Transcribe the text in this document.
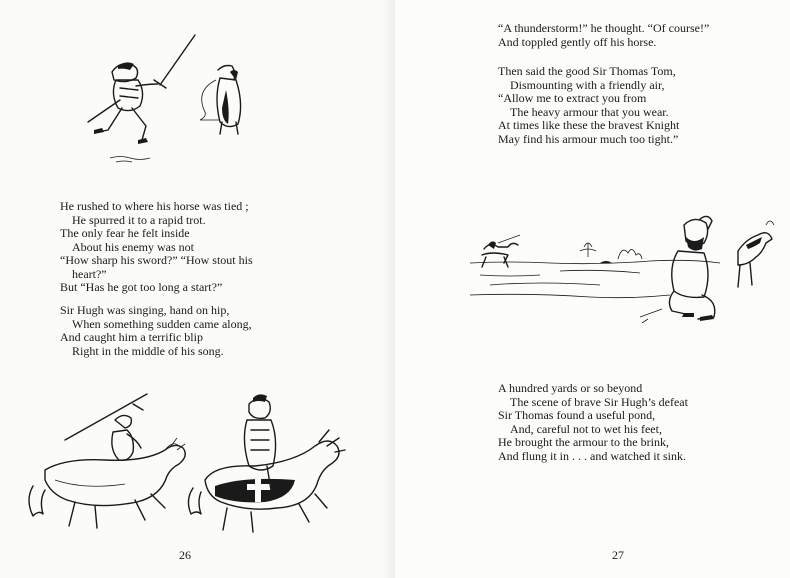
He rushed to where his horse was tied ;
He spurred it to a rapid trot.
The only fear he felt inside
About his enemy was not
“How sharp his sword?” “How stout his
heart?”
But “Has he got too long a start?”
Sir Hugh was singing, hand on hip,
When something sudden came along,
And caught him a terrific blip
Right in the middle of his song.
26
“A thunderstorm!” he thought. “Of course!”
And toppled gently off his horse.
Then said the good Sir Thomas Tom,
Dismounting with a friendly air,
“Allow me to extract you from
The heavy armour that you wear.
At times like these the bravest Knight
May find his armour much too tight.”
A hundred yards or so beyond
The scene of brave Sir Hugh’s defeat
Sir Thomas found a useful pond,
And, careful not to wet his feet,
He brought the armour to the brink,
And flung it in . . . and watched it sink.
27
